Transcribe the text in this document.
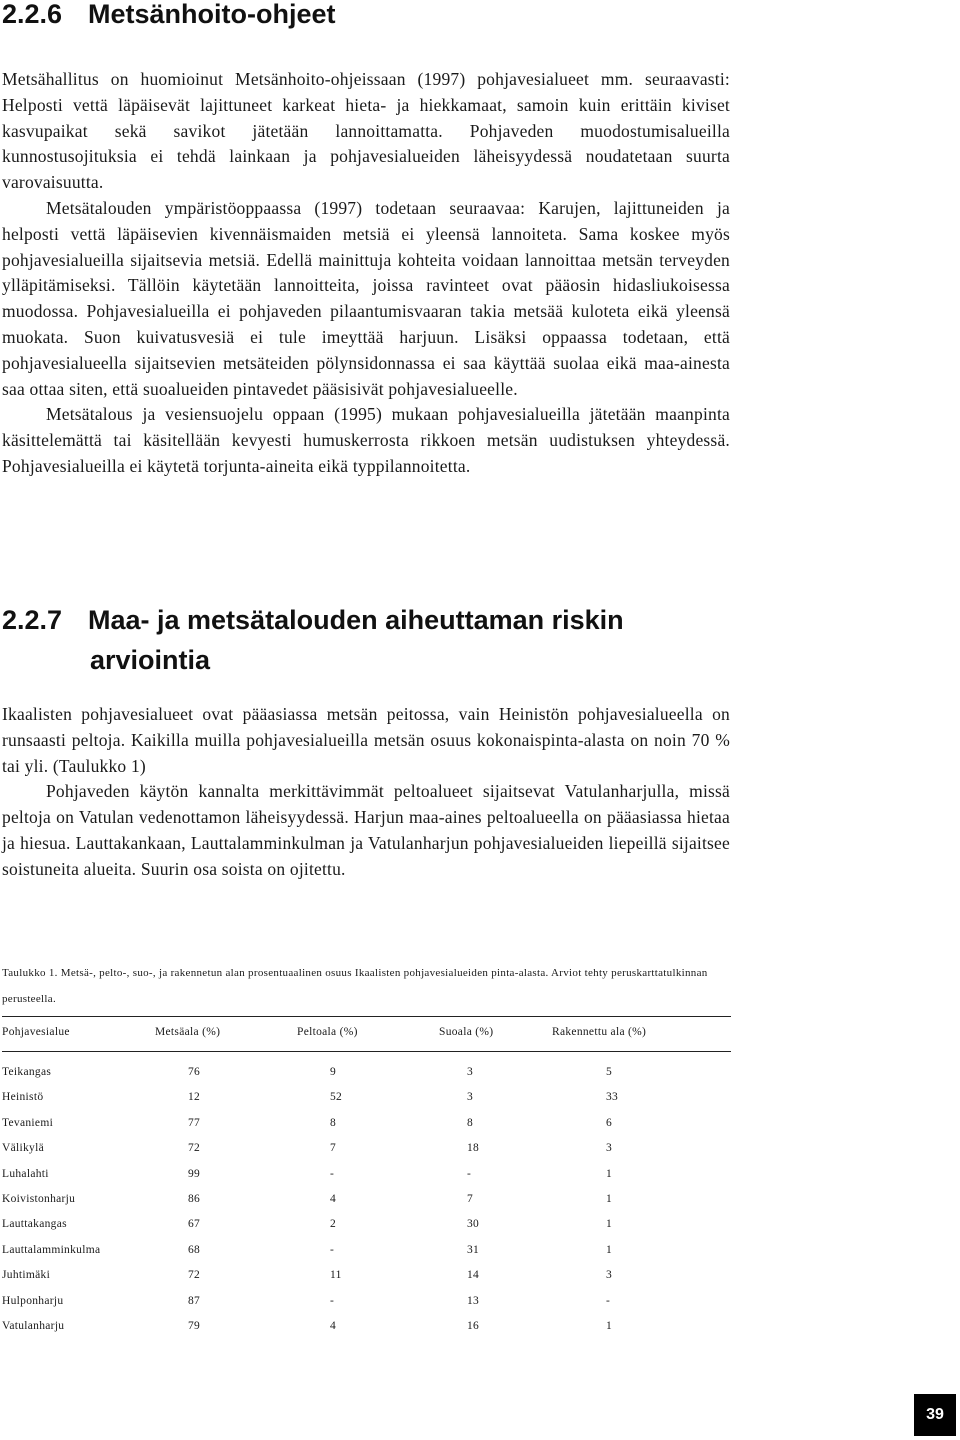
2.2.6 Metsänhoito-ohjeet

Metsähallitus on huomioinut Metsänhoito-ohjeissaan (1997) pohjavesialueet mm. seuraavasti: Helposti vettä läpäisevät lajittuneet karkeat hieta- ja hiekkamaat, samoin kuin erittäin kiviset kasvupaikat sekä savikot jätetään lannoittamatta. Pohjaveden muodostumisalueilla kunnostusojituksia ei tehdä lainkaan ja pohjavesialueiden läheisyydessä noudatetaan suurta varovaisuutta.

Metsätalouden ympäristöoppaassa (1997) todetaan seuraavaa: Karujen, lajittuneiden ja helposti vettä läpäisevien kivennäismaiden metsiä ei yleensä lannoiteta. Sama koskee myös pohjavesialueilla sijaitsevia metsiä. Edellä mainittuja kohteita voidaan lannoittaa metsän terveyden ylläpitämiseksi. Tällöin käytetään lannoitteita, joissa ravinteet ovat pääosin hidasliukoisessa muodossa. Pohjavesialueilla ei pohjaveden pilaantumisvaaran takia metsää kuloteta eikä yleensä muokata. Suon kuivatusvesiä ei tule imeyttää harjuun. Lisäksi oppaassa todetaan, että pohjavesialueella sijaitsevien metsäteiden pölynsidonnassa ei saa käyttää suolaa eikä maa-ainesta saa ottaa siten, että suoalueiden pintavedet pääsisivät pohjavesialueelle.

Metsätalous ja vesiensuojelu oppaan (1995) mukaan pohjavesialueilla jätetään maanpinta käsittelemättä tai käsitellään kevyesti humuskerrosta rikkoen metsän uudistuksen yhteydessä. Pohjavesialueilla ei käytetä torjunta-aineita eikä typpilannoitetta.

2.2.7 Maa- ja metsätalouden aiheuttaman riskin
arviointia

Ikaalisten pohjavesialueet ovat pääasiassa metsän peitossa, vain Heinistön pohjavesialueella on runsaasti peltoja. Kaikilla muilla pohjavesialueilla metsän osuus kokonaispinta-alasta on noin 70 % tai yli. (Taulukko 1)

Pohjaveden käytön kannalta merkittävimmät peltoalueet sijaitsevat Vatulanharjulla, missä peltoja on Vatulan vedenottamon läheisyydessä. Harjun maa-aines peltoalueella on pääasiassa hietaa ja hiesua. Lauttakankaan, Lauttalamminkulman ja Vatulanharjun pohjavesialueiden liepeillä sijaitsee soistuneita alueita. Suurin osa soista on ojitettu.

Taulukko 1. Metsä-, pelto-, suo-, ja rakennetun alan prosentuaalinen osuus Ikaalisten pohjavesialueiden pinta-alasta. Arviot tehty peruskarttatulkinnan perusteella.

Pohjavesialue	Metsäala (%)	Peltoala (%)	Suoala (%)	Rakennettu ala (%)
Teikangas	76	9	3	5
Heinistö	12	52	3	33
Tevaniemi	77	8	8	6
Välikylä	72	7	18	3
Luhalahti	99	-	-	1
Koivistonharju	86	4	7	1
Lauttakangas	67	2	30	1
Lauttalamminkulma	68	-	31	1
Juhtimäki	72	11	14	3
Hulponharju	87	-	13	-
Vatulanharju	79	4	16	1
39
